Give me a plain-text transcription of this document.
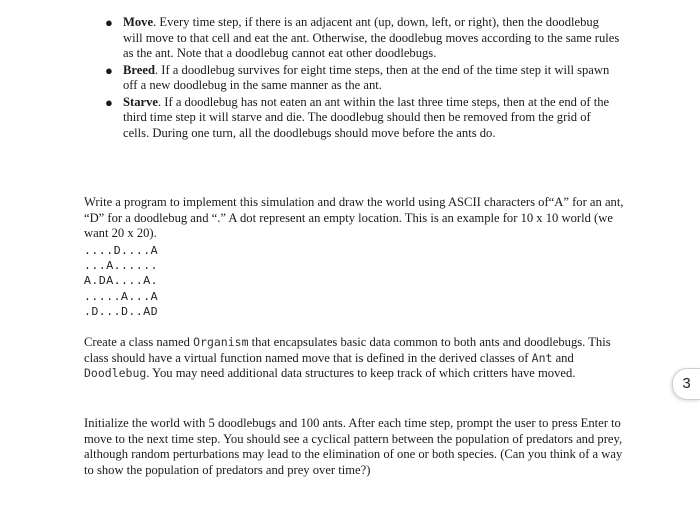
● Move. Every time step, if there is an adjacent ant (up, down, left, or right), then the doodlebug will move to that cell and eat the ant. Otherwise, the doodlebug moves according to the same rules as the ant. Note that a doodlebug cannot eat other doodlebugs.
● Breed. If a doodlebug survives for eight time steps, then at the end of the time step it will spawn off a new doodlebug in the same manner as the ant.
● Starve. If a doodlebug has not eaten an ant within the last three time steps, then at the end of the third time step it will starve and die. The doodlebug should then be removed from the grid of cells. During one turn, all the doodlebugs should move before the ants do.

Write a program to implement this simulation and draw the world using ASCII characters of“A” for an ant, “D” for a doodlebug and “.” A dot represent an empty location. This is an example for 10 x 10 world (we want 20 x 20).

....D....A
...A......
A.DA....A.
.....A...A
.D...D..AD

Create a class named Organism that encapsulates basic data common to both ants and doodlebugs. This class should have a virtual function named move that is defined in the derived classes of Ant and Doodlebug. You may need additional data structures to keep track of which critters have moved.

Initialize the world with 5 doodlebugs and 100 ants. After each time step, prompt the user to press Enter to move to the next time step. You should see a cyclical pattern between the population of predators and prey, although random perturbations may lead to the elimination of one or both species. (Can you think of a way to show the population of predators and prey over time?)

3
